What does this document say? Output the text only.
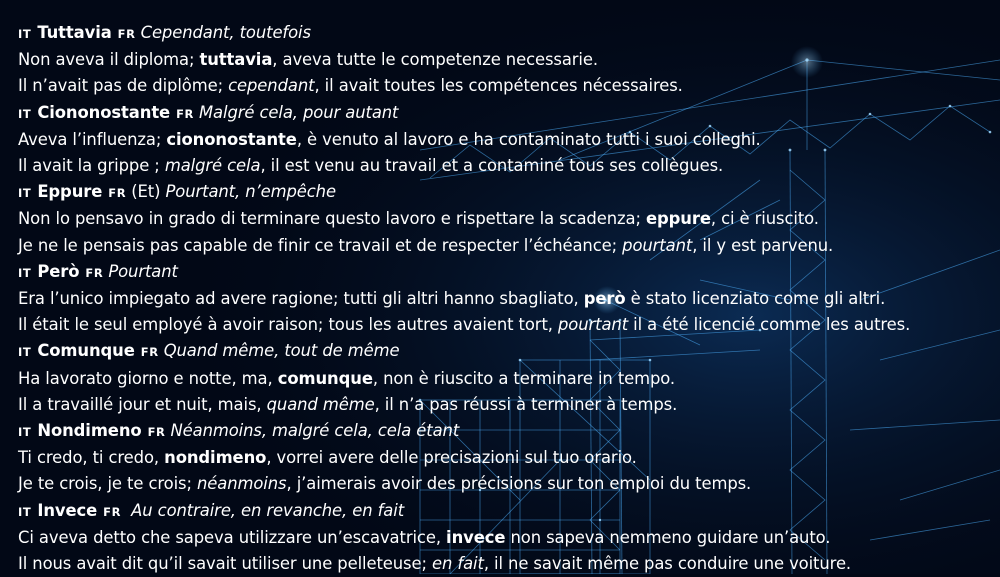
IT Tuttavia FR Cependant, toutefois
Non aveva il diploma; tuttavia, aveva tutte le competenze necessarie.
Il n’avait pas de diplôme; cependant, il avait toutes les compétences nécessaires.
IT Ciononostante FR Malgré cela, pour autant
Aveva l’influenza; ciononostante, è venuto al lavoro e ha contaminato tutti i suoi colleghi.
Il avait la grippe ; malgré cela, il est venu au travail et a contaminé tous ses collègues.
IT Eppure FR (Et) Pourtant, n’empêche
Non lo pensavo in grado di terminare questo lavoro e rispettare la scadenza; eppure, ci è riuscito.
Je ne le pensais pas capable de finir ce travail et de respecter l’échéance; pourtant, il y est parvenu.
IT Però FR Pourtant
Era l’unico impiegato ad avere ragione; tutti gli altri hanno sbagliato, però è stato licenziato come gli altri.
Il était le seul employé à avoir raison; tous les autres avaient tort, pourtant il a été licencié comme les autres.
IT Comunque FR Quand même, tout de même
Ha lavorato giorno e notte, ma, comunque, non è riuscito a terminare in tempo.
Il a travaillé jour et nuit, mais, quand même, il n’a pas réussi à terminer à temps.
IT Nondimeno FR Néanmoins, malgré cela, cela étant
Ti credo, ti credo, nondimeno, vorrei avere delle precisazioni sul tuo orario.
Je te crois, je te crois; néanmoins, j’aimerais avoir des précisions sur ton emploi du temps.
IT Invece FR Au contraire, en revanche, en fait
Ci aveva detto che sapeva utilizzare un’escavatrice, invece non sapeva nemmeno guidare un’auto.
Il nous avait dit qu’il savait utiliser une pelleteuse; en fait, il ne savait même pas conduire une voiture.
